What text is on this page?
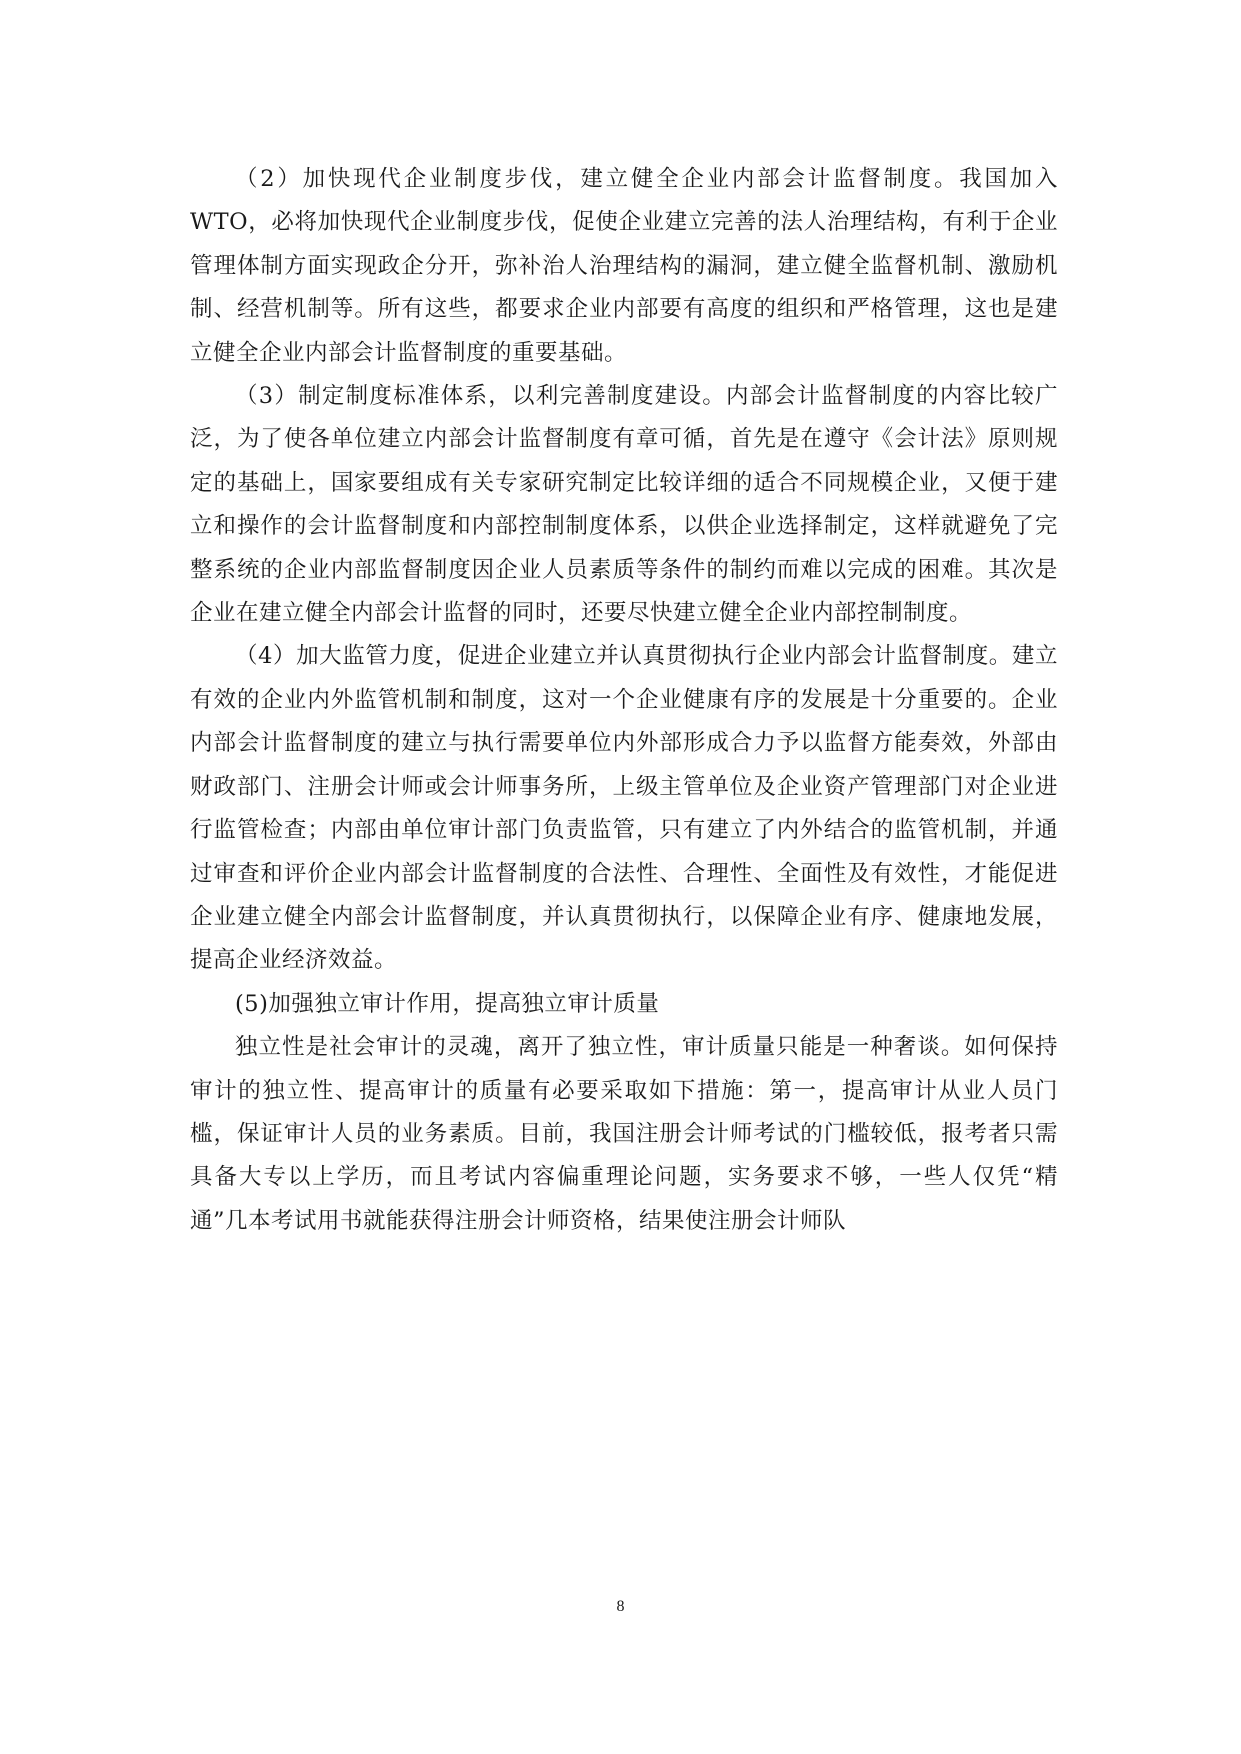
（2）加快现代企业制度步伐，建立健全企业内部会计监督制度。我国加入WTO，必将加快现代企业制度步伐，促使企业建立完善的法人治理结构，有利于企业管理体制方面实现政企分开，弥补治人治理结构的漏洞，建立健全监督机制、激励机制、经营机制等。所有这些，都要求企业内部要有高度的组织和严格管理，这也是建立健全企业内部会计监督制度的重要基础。

（3）制定制度标准体系，以利完善制度建设。内部会计监督制度的内容比较广泛，为了使各单位建立内部会计监督制度有章可循，首先是在遵守《会计法》原则规定的基础上，国家要组成有关专家研究制定比较详细的适合不同规模企业，又便于建立和操作的会计监督制度和内部控制制度体系，以供企业选择制定，这样就避免了完整系统的企业内部监督制度因企业人员素质等条件的制约而难以完成的困难。其次是企业在建立健全内部会计监督的同时，还要尽快建立健全企业内部控制制度。

（4）加大监管力度，促进企业建立并认真贯彻执行企业内部会计监督制度。建立有效的企业内外监管机制和制度，这对一个企业健康有序的发展是十分重要的。企业内部会计监督制度的建立与执行需要单位内外部形成合力予以监督方能奏效，外部由财政部门、注册会计师或会计师事务所，上级主管单位及企业资产管理部门对企业进行监管检查；内部由单位审计部门负责监管，只有建立了内外结合的监管机制，并通过审查和评价企业内部会计监督制度的合法性、合理性、全面性及有效性，才能促进企业建立健全内部会计监督制度，并认真贯彻执行，以保障企业有序、健康地发展，提高企业经济效益。

(5)加强独立审计作用，提高独立审计质量

独立性是社会审计的灵魂，离开了独立性，审计质量只能是一种奢谈。如何保持审计的独立性、提高审计的质量有必要采取如下措施：第一，提高审计从业人员门槛，保证审计人员的业务素质。目前，我国注册会计师考试的门槛较低，报考者只需具备大专以上学历，而且考试内容偏重理论问题，实务要求不够，一些人仅凭“精通”几本考试用书就能获得注册会计师资格，结果使注册会计师队

8
